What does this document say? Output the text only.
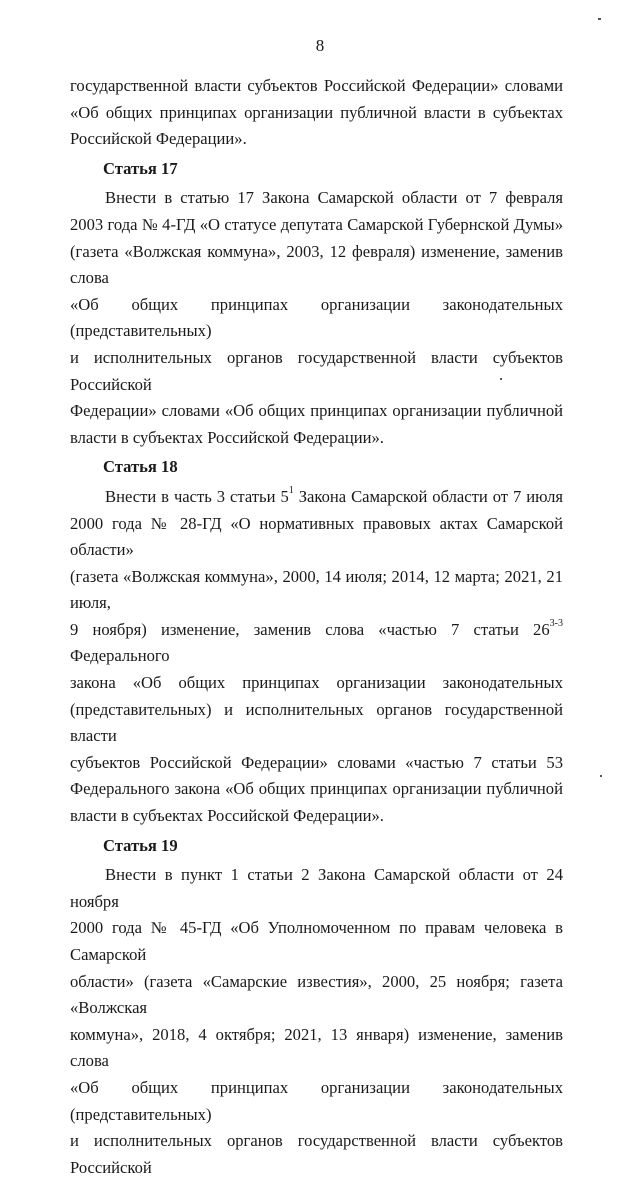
8

государственной власти субъектов Российской Федерации» словами

«Об общих принципах организации публичной власти в субъектах

Российской Федерации».

Статья 17

Внести в статью 17 Закона Самарской области от 7 февраля

2003 года № 4-ГД «О статусе депутата Самарской Губернской Думы»

(газета «Волжская коммуна», 2003, 12 февраля) изменение, заменив слова

«Об общих принципах организации законодательных (представительных)

и исполнительных органов государственной власти субъектов Российской

Федерации» словами «Об общих принципах организации публичной

власти в субъектах Российской Федерации».

Статья 18

Внести в часть 3 статьи $5^1$ Закона Самарской области от 7 июля

2000 года № 28-ГД «О нормативных правовых актах Самарской области»

(газета «Волжская коммуна», 2000, 14 июля; 2014, 12 марта; 2021, 21 июля,

9 ноября) изменение, заменив слова «частью 7 статьи 26$^{3-3}$ Федерального

закона «Об общих принципах организации законодательных

(представительных) и исполнительных органов государственной власти

субъектов Российской Федерации» словами «частью 7 статьи 53

Федерального закона «Об общих принципах организации публичной

власти в субъектах Российской Федерации».

Статья 19

Внести в пункт 1 статьи 2 Закона Самарской области от 24 ноября

2000 года № 45-ГД «Об Уполномоченном по правам человека в Самарской

области» (газета «Самарские известия», 2000, 25 ноября; газета «Волжская

коммуна», 2018, 4 октября; 2021, 13 января) изменение, заменив слова

«Об общих принципах организации законодательных (представительных)

и исполнительных органов государственной власти субъектов Российской
